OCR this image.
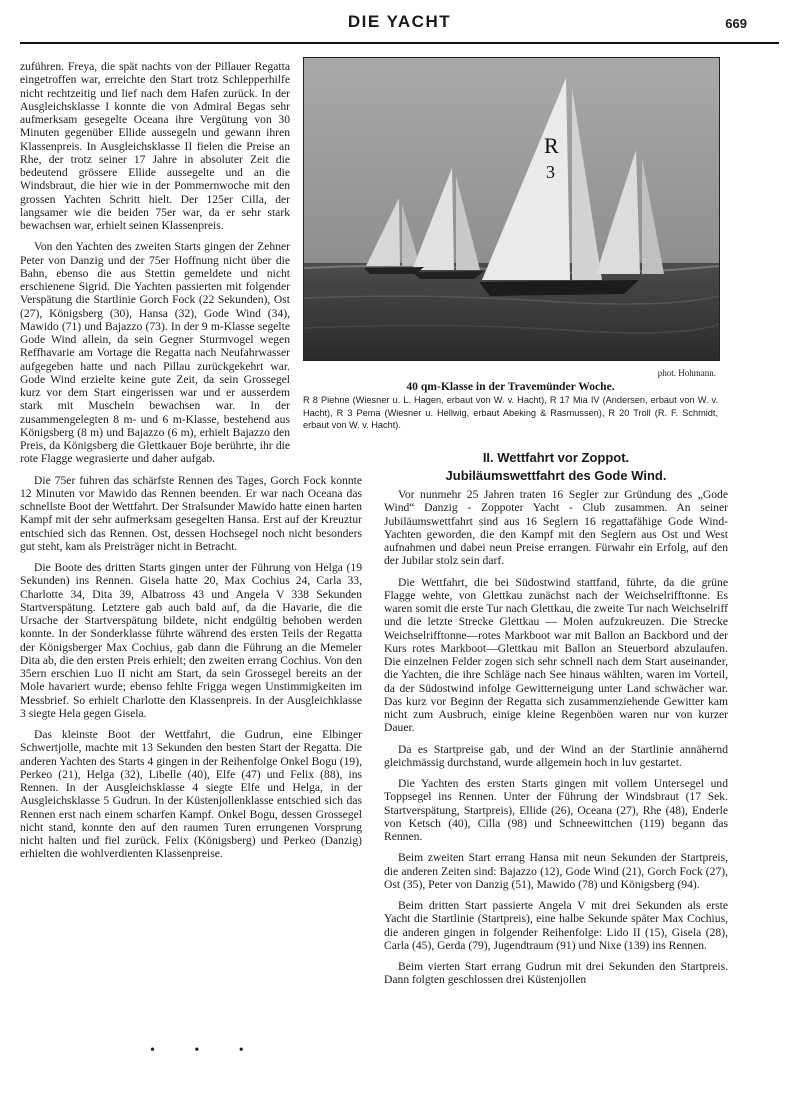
DIE YACHT	669

zuführen. Freya, die spät nachts von der Pillauer Regatta eingetroffen war, erreichte den Start trotz Schlepperhilfe nicht rechtzeitig und lief nach dem Hafen zurück. In der Ausgleichsklasse I konnte die von Admiral Begas sehr aufmerksam gesegelte Oceana ihre Vergütung von 30 Minuten gegenüber Ellide aussegeln und gewann ihren Klassenpreis. In Ausgleichsklasse II fielen die Preise an Rhe, der trotz seiner 17 Jahre in absoluter Zeit die bedeutend grössere Ellide aussegelte und an die Windsbraut, die hier wie in der Pommernwoche mit den grossen Yachten Schritt hielt. Der 125er Cilla, der langsamer wie die beiden 75er war, da er sehr stark bewachsen war, erhielt seinen Klassenpreis.

Von den Yachten des zweiten Starts gingen der Zehner Peter von Danzig und der 75er Hoffnung nicht über die Bahn, ebenso die aus Stettin gemeldete und nicht erschienene Sigrid. Die Yachten passierten mit folgender Verspätung die Startlinie Gorch Fock (22 Sekunden), Ost (27), Königsberg (30), Hansa (32), Gode Wind (34), Mawido (71) und Bajazzo (73). In der 9 m-Klasse segelte Gode Wind allein, da sein Gegner Sturmvogel wegen Reffhavarie am Vortage die Regatta nach Neufahrwasser aufgegeben hatte und nach Pillau zurückgekehrt war. Gode Wind erzielte keine gute Zeit, da sein Grossegel kurz vor dem Start eingerissen war und er ausserdem stark mit Muscheln bewachsen war. In der zusammengelegten 8 m- und 6 m-Klasse, bestehend aus Königsberg (8 m) und Bajazzo (6 m), erhielt Bajazzo den Preis, da Königsberg die Glettkauer Boje berührte, ihr die rote Flagge wegrasierte und daher aufgab.

Die 75er fuhren das schärfste Rennen des Tages, Gorch Fock konnte 12 Minuten vor Mawido das Rennen beenden. Er war nach Oceana das schnellste Boot der Wettfahrt. Der Stralsunder Mawido hatte einen harten Kampf mit der sehr aufmerksam gesegelten Hansa. Erst auf der Kreuztur entschied sich das Rennen. Ost, dessen Hochsegel noch nicht besonders gut steht, kam als Preisträger nicht in Betracht.

Die Boote des dritten Starts gingen unter der Führung von Helga (19 Sekunden) ins Rennen. Gisela hatte 20, Max Cochius 24, Carla 33, Charlotte 34, Dita 39, Albatross 43 und Angela V 338 Sekunden Startverspätung. Letztere gab auch bald auf, da die Havarie, die die Ursache der Startverspätung bildete, nicht endgültig behoben werden konnte. In der Sonderklasse führte während des ersten Teils der Regatta der Königsberger Max Cochius, gab dann die Führung an die Memeler Dita ab, die den ersten Preis erhielt; den zweiten errang Cochius. Von den 35ern erschien Luo II nicht am Start, da sein Grossegel bereits an der Mole havariert wurde; ebenso fehlte Frigga wegen Unstimmigkeiten im Messbrief. So erhielt Charlotte den Klassenpreis. In der Ausgleichklasse 3 siegte Hela gegen Gisela.

Das kleinste Boot der Wettfahrt, die Gudrun, eine Elbinger Schwertjolle, machte mit 13 Sekunden den besten Start der Regatta. Die anderen Yachten des Starts 4 gingen in der Reihenfolge Onkel Bogu (19), Perkeo (21), Helga (32), Libelle (40), Elfe (47) und Felix (88), ins Rennen. In der Ausgleichsklasse 4 siegte Elfe und Helga, in der Ausgleichsklasse 5 Gudrun. In der Küstenjollenklasse entschied sich das Rennen erst nach einem scharfen Kampf. Onkel Bogu, dessen Grossegel nicht stand, konnte den auf den raumen Turen errungenen Vorsprung nicht halten und fiel zurück. Felix (Königsberg) und Perkeo (Danzig) erhielten die wohlverdienten Klassenpreise.

R
3
phot. Hohmann.
40 qm-Klasse in der Travemünder Woche.
R 8 Piehne (Wiesner u. L. Hagen, erbaut von W. v. Hacht), R 17 Mia IV (Andersen, erbaut von W. v. Hacht), R 3 Pema (Wiesner u. Hellwig, erbaut Abeking & Rasmussen), R 20 Troll (R. F. Schmidt, erbaut von W. v. Hacht).
II. Wettfahrt vor Zoppot.
Jubiläumswettfahrt des Gode Wind.

Vor nunmehr 25 Jahren traten 16 Segler zur Gründung des „Gode Wind“ Danzig - Zoppoter Yacht - Club zusammen. An seiner Jubiläumswettfahrt sind aus 16 Seglern 16 regattafähige Gode Wind-Yachten geworden, die den Kampf mit den Seglern aus Ost und West aufnahmen und dabei neun Preise errangen. Fürwahr ein Erfolg, auf den der Jubilar stolz sein darf.

Die Wettfahrt, die bei Südostwind stattfand, führte, da die grüne Flagge wehte, von Glettkau zunächst nach der Weichselrifftonne. Es waren somit die erste Tur nach Glettkau, die zweite Tur nach Weichselriff und die letzte Strecke Glettkau — Molen aufzukreuzen. Die Strecke Weichselrifftonne—rotes Markboot war mit Ballon an Backbord und der Kurs rotes Markboot—Glettkau mit Ballon an Steuerbord abzulaufen. Die einzelnen Felder zogen sich sehr schnell nach dem Start auseinander, die Yachten, die ihre Schläge nach See hinaus wählten, waren im Vorteil, da der Südostwind infolge Gewitterneigung unter Land schwächer war. Das kurz vor Beginn der Regatta sich zusammenziehende Gewitter kam nicht zum Ausbruch, einige kleine Regenböen waren nur von kurzer Dauer.

Da es Startpreise gab, und der Wind an der Startlinie annähernd gleichmässig durchstand, wurde allgemein hoch in luv gestartet.

Die Yachten des ersten Starts gingen mit vollem Untersegel und Toppsegel ins Rennen. Unter der Führung der Windsbraut (17 Sek. Startverspätung, Startpreis), Ellide (26), Oceana (27), Rhe (48), Enderle von Ketsch (40), Cilla (98) und Schneewittchen (119) begann das Rennen.

Beim zweiten Start errang Hansa mit neun Sekunden der Startpreis, die anderen Zeiten sind: Bajazzo (12), Gode Wind (21), Gorch Fock (27), Ost (35), Peter von Danzig (51), Mawido (78) und Königsberg (94).

Beim dritten Start passierte Angela V mit drei Sekunden als erste Yacht die Startlinie (Startpreis), eine halbe Sekunde später Max Cochius, die anderen gingen in folgender Reihenfolge: Lido II (15), Gisela (28), Carla (45), Gerda (79), Jugendtraum (91) und Nixe (139) ins Rennen.

Beim vierten Start errang Gudrun mit drei Sekunden den Startpreis. Dann folgten geschlossen drei Küstenjollen

• • •
